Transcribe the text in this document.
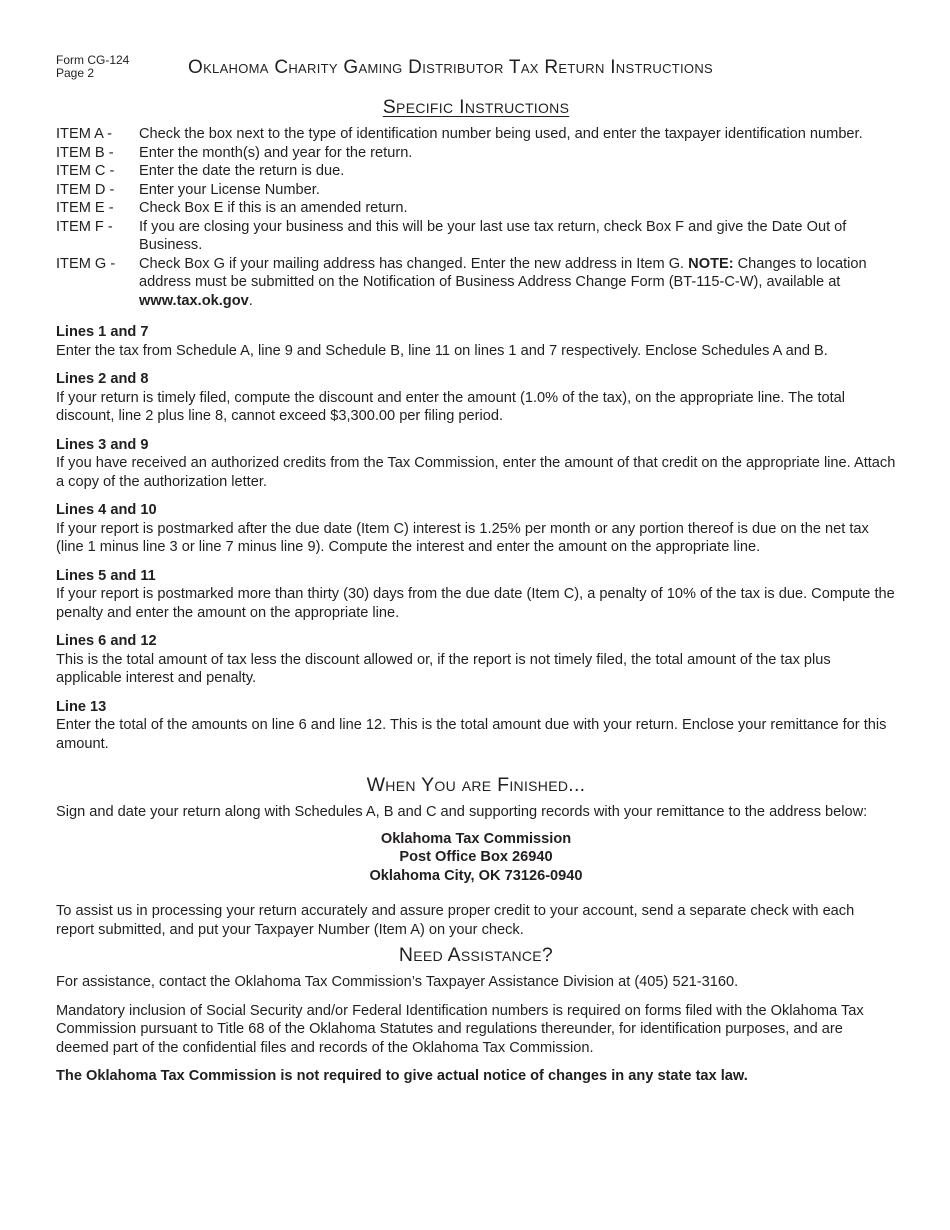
Form CG-124
Page 2	Oklahoma Charity Gaming Distributor Tax Return Instructions
Specific Instructions
ITEM A -	Check the box next to the type of identification number being used, and enter the taxpayer identification number.
ITEM B -	Enter the month(s) and year for the return.
ITEM C -	Enter the date the return is due.
ITEM D -	Enter your License Number.
ITEM E -	Check Box E if this is an amended return.
ITEM F -	If you are closing your business and this will be your last use tax return, check Box F and give the Date Out of Business.
ITEM G -	Check Box G if your mailing address has changed. Enter the new address in Item G. NOTE: Changes to location address must be submitted on the Notification of Business Address Change Form (BT-115-C-W), available at www.tax.ok.gov.
Lines 1 and 7
Enter the tax from Schedule A, line 9 and Schedule B, line 11 on lines 1 and 7 respectively. Enclose Schedules A and B.
Lines 2 and 8
If your return is timely filed, compute the discount and enter the amount (1.0% of the tax), on the appropriate line. The total discount, line 2 plus line 8, cannot exceed $3,300.00 per filing period.
Lines 3 and 9
If you have received an authorized credits from the Tax Commission, enter the amount of that credit on the appropriate line. Attach a copy of the authorization letter.
Lines 4 and 10
If your report is postmarked after the due date (Item C) interest is 1.25% per month or any portion thereof is due on the net tax (line 1 minus line 3 or line 7 minus line 9). Compute the interest and enter the amount on the appropriate line.
Lines 5 and 11
If your report is postmarked more than thirty (30) days from the due date (Item C), a penalty of 10% of the tax is due. Compute the penalty and enter the amount on the appropriate line.
Lines 6 and 12
This is the total amount of tax less the discount allowed or, if the report is not timely filed, the total amount of the tax plus applicable interest and penalty.
Line 13
Enter the total of the amounts on line 6 and line 12. This is the total amount due with your return. Enclose your remittance for this amount.
When You are Finished...

Sign and date your return along with Schedules A, B and C and supporting records with your remittance to the address below:

Oklahoma Tax Commission
Post Office Box 26940
Oklahoma City, OK 73126-0940

To assist us in processing your return accurately and assure proper credit to your account, send a separate check with each report submitted, and put your Taxpayer Number (Item A) on your check.

Need Assistance?

For assistance, contact the Oklahoma Tax Commission’s Taxpayer Assistance Division at (405) 521-3160.

Mandatory inclusion of Social Security and/or Federal Identification numbers is required on forms filed with the Oklahoma Tax Commission pursuant to Title 68 of the Oklahoma Statutes and regulations thereunder, for identification purposes, and are deemed part of the confidential files and records of the Oklahoma Tax Commission.

The Oklahoma Tax Commission is not required to give actual notice of changes in any state tax law.
